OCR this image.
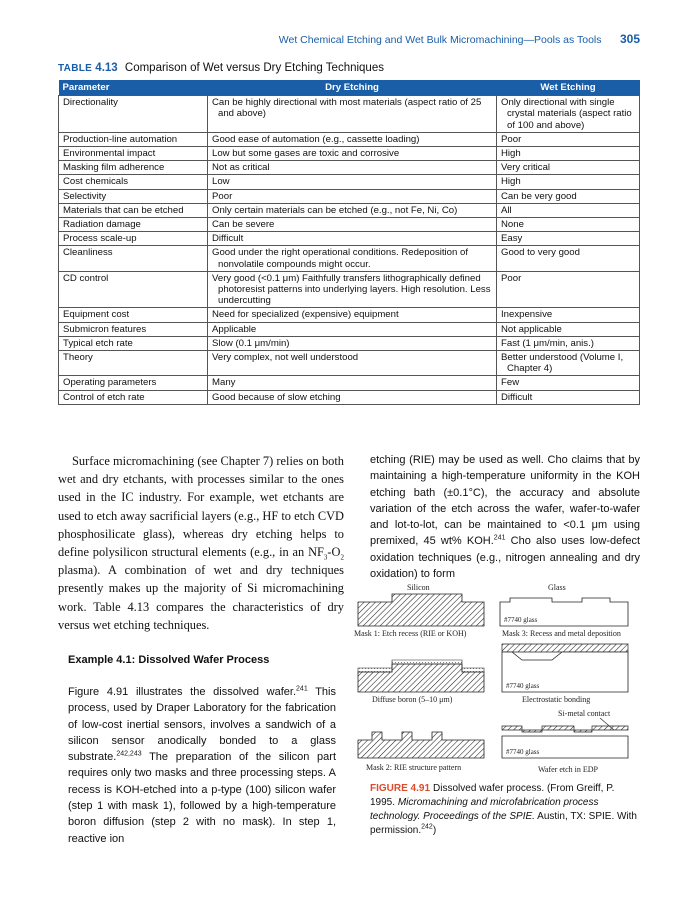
Wet Chemical Etching and Wet Bulk Micromachining—Pools as Tools 305
TABLE 4.13 Comparison of Wet versus Dry Etching Techniques
Parameter	Dry Etching	Wet Etching
Directionality	Can be highly directional with most materials (aspect ratio of 25 and above)	Only directional with single crystal materials (aspect ratio of 100 and above)

Production-line automation	Good ease of automation (e.g., cassette loading)	Poor

Environmental impact	Low but some gases are toxic and corrosive	High

Masking film adherence	Not as critical	Very critical

Cost chemicals	Low	High

Selectivity	Poor	Can be very good

Materials that can be etched	Only certain materials can be etched (e.g., not Fe, Ni, Co)	All

Radiation damage	Can be severe	None

Process scale-up	Difficult	Easy

Cleanliness	Good under the right operational conditions. Redeposition of nonvolatile compounds might occur.	Good to very good

CD control	Very good (<0.1 μm) Faithfully transfers lithographically defined photoresist patterns into underlying layers. High resolution. Less undercutting	Poor

Equipment cost	Need for specialized (expensive) equipment	Inexpensive

Submicron features	Applicable	Not applicable

Typical etch rate	Slow (0.1 μm/min)	Fast (1 μm/min, anis.)

Theory	Very complex, not well understood	Better understood (Volume I, Chapter 4)

Operating parameters	Many	Few

Control of etch rate	Good because of slow etching	Difficult
Surface micromachining (see Chapter 7) relies on both wet and dry etchants, with processes similar to the ones used in the IC industry. For example, wet etchants are used to etch away sacrificial layers (e.g., HF to etch CVD phosphosilicate glass), whereas dry etching helps to define polysilicon structural elements (e.g., in an $NF_3-O_2$ plasma). A combination of wet and dry techniques presently makes up the majority of Si micromachining work. Table 4.13 compares the characteristics of dry versus wet etching techniques.
Example 4.1: Dissolved Wafer Process
Figure 4.91 illustrates the dissolved wafer.$^{241}$ This process, used by Draper Laboratory for the fabrication of low-cost inertial sensors, involves a sandwich of a silicon sensor anodically bonded to a glass substrate.$^{242,243}$ The preparation of the silicon part requires only two masks and three processing steps. A recess is KOH-etched into a p-type (100) silicon wafer (step 1 with mask 1), followed by a high-temperature boron diffusion (step 2 with no mask). In step 1, reactive ion
etching (RIE) may be used as well. Cho claims that by maintaining a high-temperature uniformity in the KOH etching bath (±0.1°C), the accuracy and absolute variation of the etch across the wafer, wafer-to-wafer and lot-to-lot, can be maintained to <0.1 μm using premixed, 45 wt% KOH.$^{241}$ Cho also uses low-defect oxidation techniques (e.g., nitrogen annealing and dry oxidation) to form
Silicon
Mask 1: Etch recess (RIE or KOH)
Glass
#7740 glass
Mask 3: Recess and metal deposition
Diffuse boron (5–10 μm)
#7740 glass
Electrostatic bonding
Si-metal contact
Mask 2: RIE structure pattern
#7740 glass
Wafer etch in EDP
FIGURE 4.91 Dissolved wafer process. (From Greiff, P. 1995. Micromachining and microfabrication process technology. Proceedings of the SPIE. Austin, TX: SPIE. With permission.$^{242}$)
